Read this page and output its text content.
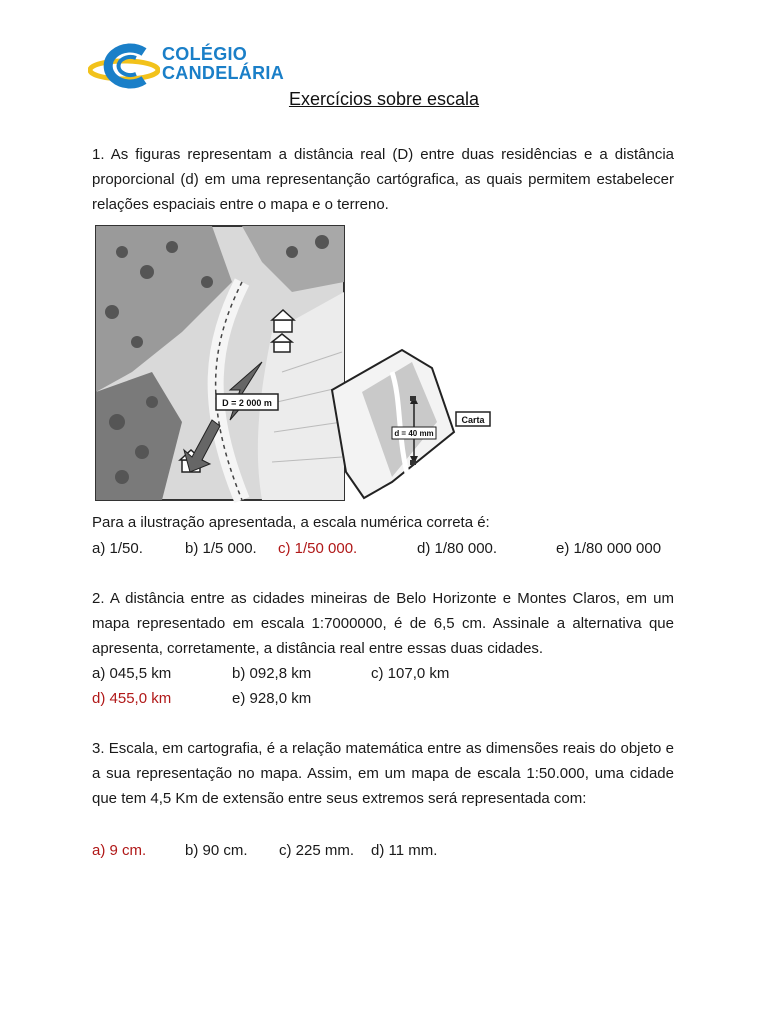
COLÉGIO
CANDELÁRIA
Exercícios sobre escala
1. As figuras representam a distância real (D) entre duas residências e a distância proporcional (d) em uma representanção cartógrafica, as quais permitem estabelecer relações espaciais entre o mapa e o terreno.
D = 2 000 m
d = 40 mm
Carta
Para a ilustração apresentada, a escala numérica correta é:
a) 1/50.	b) 1/5 000. c) 1/50 000.	d) 1/80 000.	e) 1/80 000 000
2. A distância entre as cidades mineiras de Belo Horizonte e Montes Claros, em um mapa representado em escala 1:7000000, é de 6,5 cm. Assinale a alternativa que apresenta, corretamente, a distância real entre essas duas cidades.
a) 045,5 km	b) 092,8 km	c) 107,0 km
d) 455,0 km	e) 928,0 km
3. Escala, em cartografia, é a relação matemática entre as dimensões reais do objeto e a sua representação no mapa. Assim, em um mapa de escala 1:50.000, uma cidade que tem 4,5 Km de extensão entre seus extremos será representada com:
a) 9 cm.	b) 90 cm. c) 225 mm. d) 11 mm.
